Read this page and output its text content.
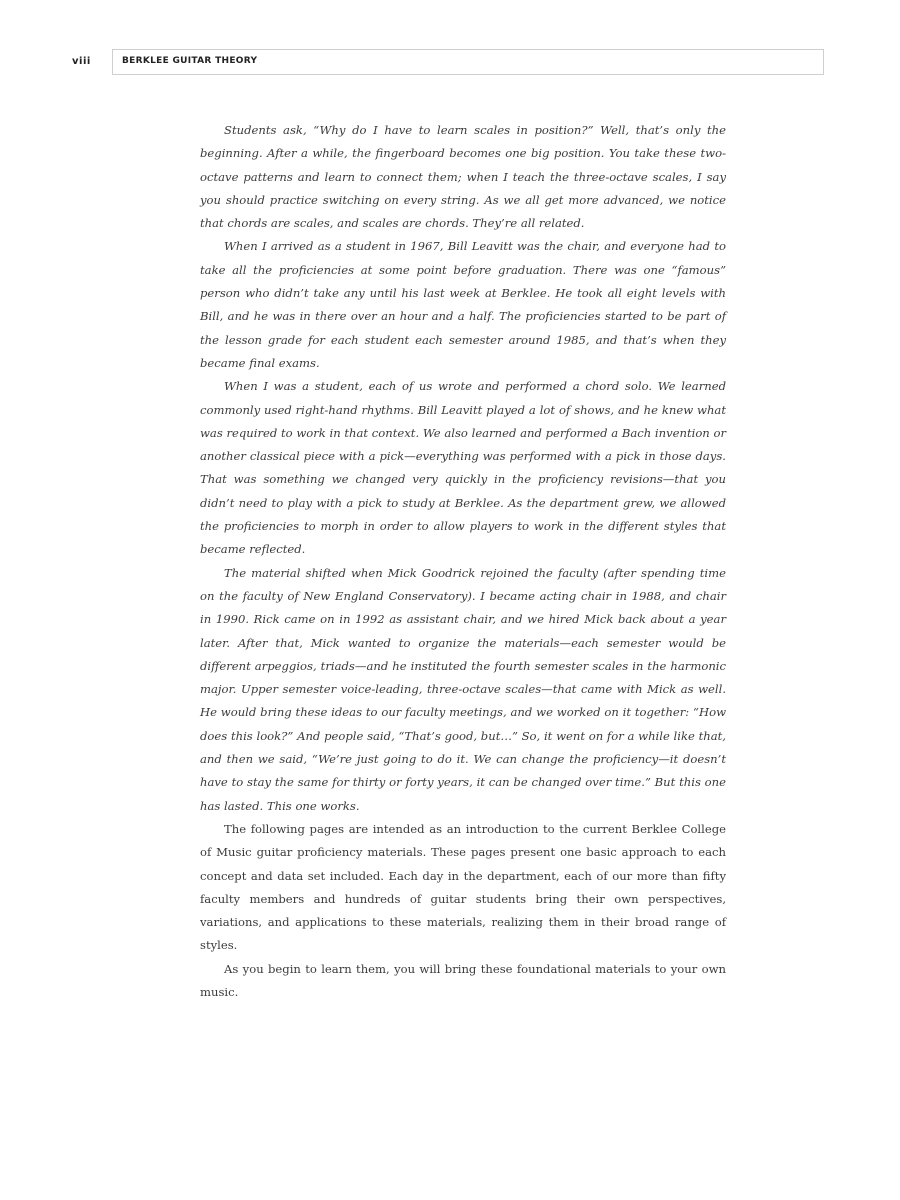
viii	BERKLEE GUITAR THEORY

Students ask, “Why do I have to learn scales in position?” Well, that’s only the beginning. After a while, the fingerboard becomes one big position. You take these two-octave patterns and learn to connect them; when I teach the three-octave scales, I say you should practice switching on every string. As we all get more advanced, we notice that chords are scales, and scales are chords. They’re all related.

When I arrived as a student in 1967, Bill Leavitt was the chair, and everyone had to take all the proficiencies at some point before graduation. There was one “famous” person who didn’t take any until his last week at Berklee. He took all eight levels with Bill, and he was in there over an hour and a half. The proficiencies started to be part of the lesson grade for each student each semester around 1985, and that’s when they became final exams.

When I was a student, each of us wrote and performed a chord solo. We learned commonly used right-hand rhythms. Bill Leavitt played a lot of shows, and he knew what was required to work in that context. We also learned and performed a Bach invention or another classical piece with a pick—everything was performed with a pick in those days. That was something we changed very quickly in the proficiency revisions—that you didn’t need to play with a pick to study at Berklee. As the department grew, we allowed the proficiencies to morph in order to allow players to work in the different styles that became reflected.

The material shifted when Mick Goodrick rejoined the faculty (after spending time on the faculty of New England Conservatory). I became acting chair in 1988, and chair in 1990. Rick came on in 1992 as assistant chair, and we hired Mick back about a year later. After that, Mick wanted to organize the materials—each semester would be different arpeggios, triads—and he instituted the fourth semester scales in the harmonic major. Upper semester voice-leading, three-octave scales—that came with Mick as well. He would bring these ideas to our faculty meetings, and we worked on it together: “How does this look?” And people said, “That’s good, but…” So, it went on for a while like that, and then we said, “We’re just going to do it. We can change the proficiency—it doesn’t have to stay the same for thirty or forty years, it can be changed over time.” But this one has lasted. This one works.

The following pages are intended as an introduction to the current Berklee College of Music guitar proficiency materials. These pages present one basic approach to each concept and data set included. Each day in the department, each of our more than fifty faculty members and hundreds of guitar students bring their own perspectives, variations, and applications to these materials, realizing them in their broad range of styles.

As you begin to learn them, you will bring these foundational materials to your own music.
